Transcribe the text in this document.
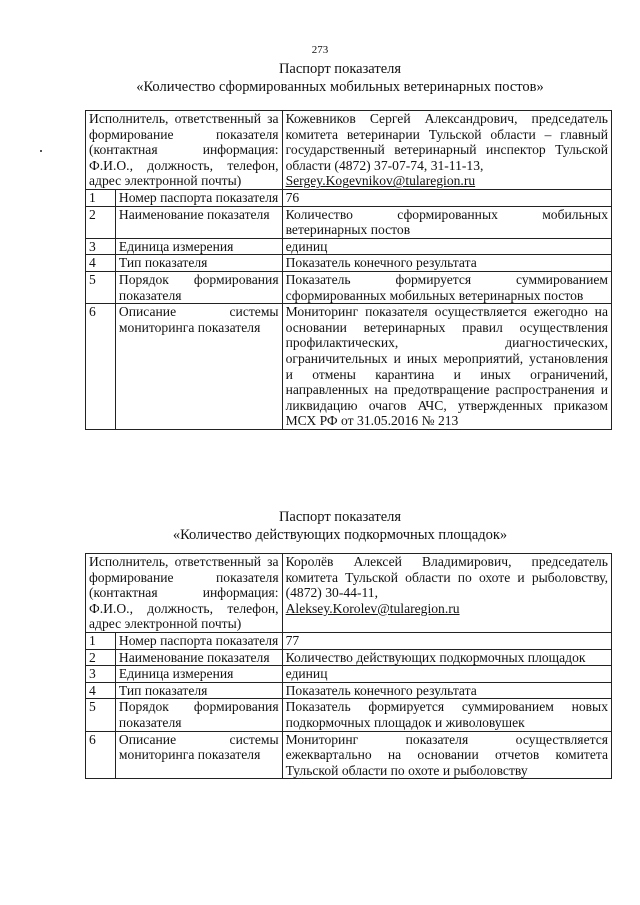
273
Паспорт показателя
«Количество сформированных мобильных ветеринарных постов»
Исполнитель, ответственный за формирование показателя (контактная информация: Ф.И.О., должность, телефон, адрес электронной почты)		Кожевников Сергей Александрович, председатель комитета ветеринарии Тульской области – главный государственный ветеринарный инспектор Тульской области (4872) 37-07-74, 31-11-13,
Sergey.Kogevnikov@tularegion.ru
1	Номер паспорта показателя	76
2	Наименование показателя	Количество сформированных мобильных ветеринарных постов
3	Единица измерения	единиц
4	Тип показателя	Показатель конечного результата
5	Порядок формирования показателя	Показатель формируется суммированием сформированных мобильных ветеринарных постов
6	Описание системы мониторинга показателя	Мониторинг показателя осуществляется ежегодно на основании ветеринарных правил осуществления профилактических, диагностических, ограничительных и иных мероприятий, установления и отмены карантина и иных ограничений, направленных на предотвращение распространения и ликвидацию очагов АЧС, утвержденных приказом МСХ РФ от 31.05.2016 № 213
Паспорт показателя
«Количество действующих подкормочных площадок»
Исполнитель, ответственный за формирование показателя (контактная информация: Ф.И.О., должность, телефон, адрес электронной почты)		Королёв Алексей Владимирович, председатель комитета Тульской области по охоте и рыболовству, (4872) 30-44-11,
Aleksey.Korolev@tularegion.ru
1	Номер паспорта показателя	77
2	Наименование показателя	Количество действующих подкормочных площадок
3	Единица измерения	единиц
4	Тип показателя	Показатель конечного результата
5	Порядок формирования показателя	Показатель формируется суммированием новых подкормочных площадок и живоловушек
6	Описание системы мониторинга показателя	Мониторинг показателя осуществляется ежеквартально на основании отчетов комитета Тульской области по охоте и рыболовству
